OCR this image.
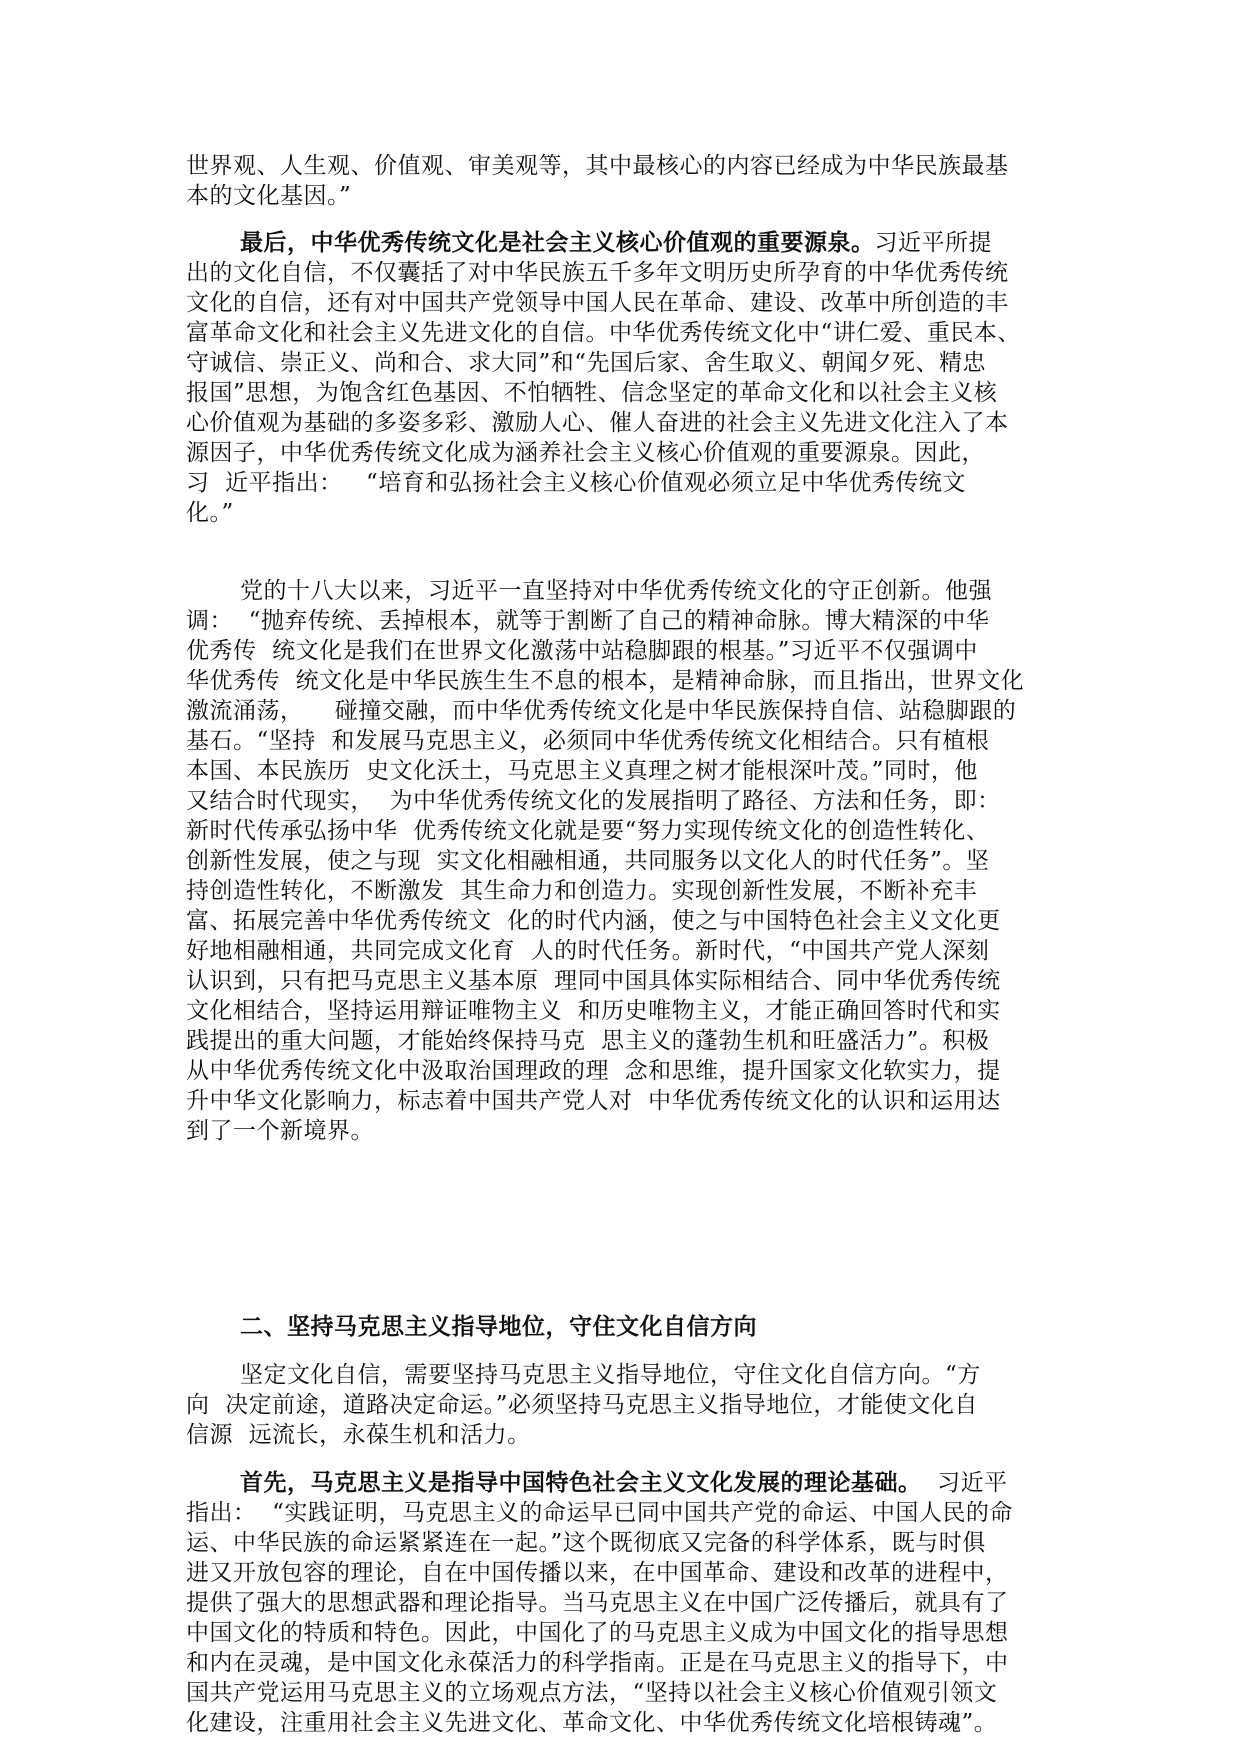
世界观、人生观、价值观、审美观等，其中最核心的内容已经成为中华民族最基
本的文化基因。”
最后，中华优秀传统文化是社会主义核心价值观的重要源泉。习近平所提
出的文化自信，不仅囊括了对中华民族五千多年文明历史所孕育的中华优秀传统
文化的自信，还有对中国共产党领导中国人民在革命、建设、改革中所创造的丰
富革命文化和社会主义先进文化的自信。中华优秀传统文化中“讲仁爱、重民本、
守诚信、崇正义、尚和合、求大同”和“先国后家、舍生取义、朝闻夕死、精忠
报国”思想，为饱含红色基因、不怕牺牲、信念坚定的革命文化和以社会主义核
心价值观为基础的多姿多彩、激励人心、催人奋进的社会主义先进文化注入了本
源因子，中华优秀传统文化成为涵养社会主义核心价值观的重要源泉。因此，
习  近平指出：   “培育和弘扬社会主义核心价值观必须立足中华优秀传统文
化。”
党的十八大以来，习近平一直坚持对中华优秀传统文化的守正创新。他强
调：  “抛弃传统、丢掉根本，就等于割断了自己的精神命脉。博大精深的中华
优秀传  统文化是我们在世界文化激荡中站稳脚跟的根基。”习近平不仅强调中
华优秀传  统文化是中华民族生生不息的根本，是精神命脉，而且指出，世界文化
激流涌荡，    碰撞交融，而中华优秀传统文化是中华民族保持自信、站稳脚跟的
基石。“坚持  和发展马克思主义，必须同中华优秀传统文化相结合。只有植根
本国、本民族历  史文化沃土，马克思主义真理之树才能根深叶茂。”同时，他
又结合时代现实，  为中华优秀传统文化的发展指明了路径、方法和任务，即：
新时代传承弘扬中华  优秀传统文化就是要“努力实现传统文化的创造性转化、
创新性发展，使之与现  实文化相融相通，共同服务以文化人的时代任务”。坚
持创造性转化，不断激发  其生命力和创造力。实现创新性发展，不断补充丰
富、拓展完善中华优秀传统文  化的时代内涵，使之与中国特色社会主义文化更
好地相融相通，共同完成文化育  人的时代任务。新时代，“中国共产党人深刻
认识到，只有把马克思主义基本原  理同中国具体实际相结合、同中华优秀传统
文化相结合，坚持运用辩证唯物主义  和历史唯物主义，才能正确回答时代和实
践提出的重大问题，才能始终保持马克  思主义的蓬勃生机和旺盛活力”。积极
从中华优秀传统文化中汲取治国理政的理  念和思维，提升国家文化软实力，提
升中华文化影响力，标志着中国共产党人对  中华优秀传统文化的认识和运用达
到了一个新境界。
二、坚持马克思主义指导地位，守住文化自信方向
坚定文化自信，需要坚持马克思主义指导地位，守住文化自信方向。“方
向  决定前途，道路决定命运。”必须坚持马克思主义指导地位，才能使文化自
信源  远流长，永葆生机和活力。
首先，马克思主义是指导中国特色社会主义文化发展的理论基础。  习近平
指出：  “实践证明，马克思主义的命运早已同中国共产党的命运、中国人民的命
运、中华民族的命运紧紧连在一起。”这个既彻底又完备的科学体系，既与时俱
进又开放包容的理论，自在中国传播以来，在中国革命、建设和改革的进程中，
提供了强大的思想武器和理论指导。当马克思主义在中国广泛传播后，就具有了
中国文化的特质和特色。因此，中国化了的马克思主义成为中国文化的指导思想
和内在灵魂，是中国文化永葆活力的科学指南。正是在马克思主义的指导下，中
国共产党运用马克思主义的立场观点方法，“坚持以社会主义核心价值观引领文
化建设，注重用社会主义先进文化、革命文化、中华优秀传统文化培根铸魂”。
